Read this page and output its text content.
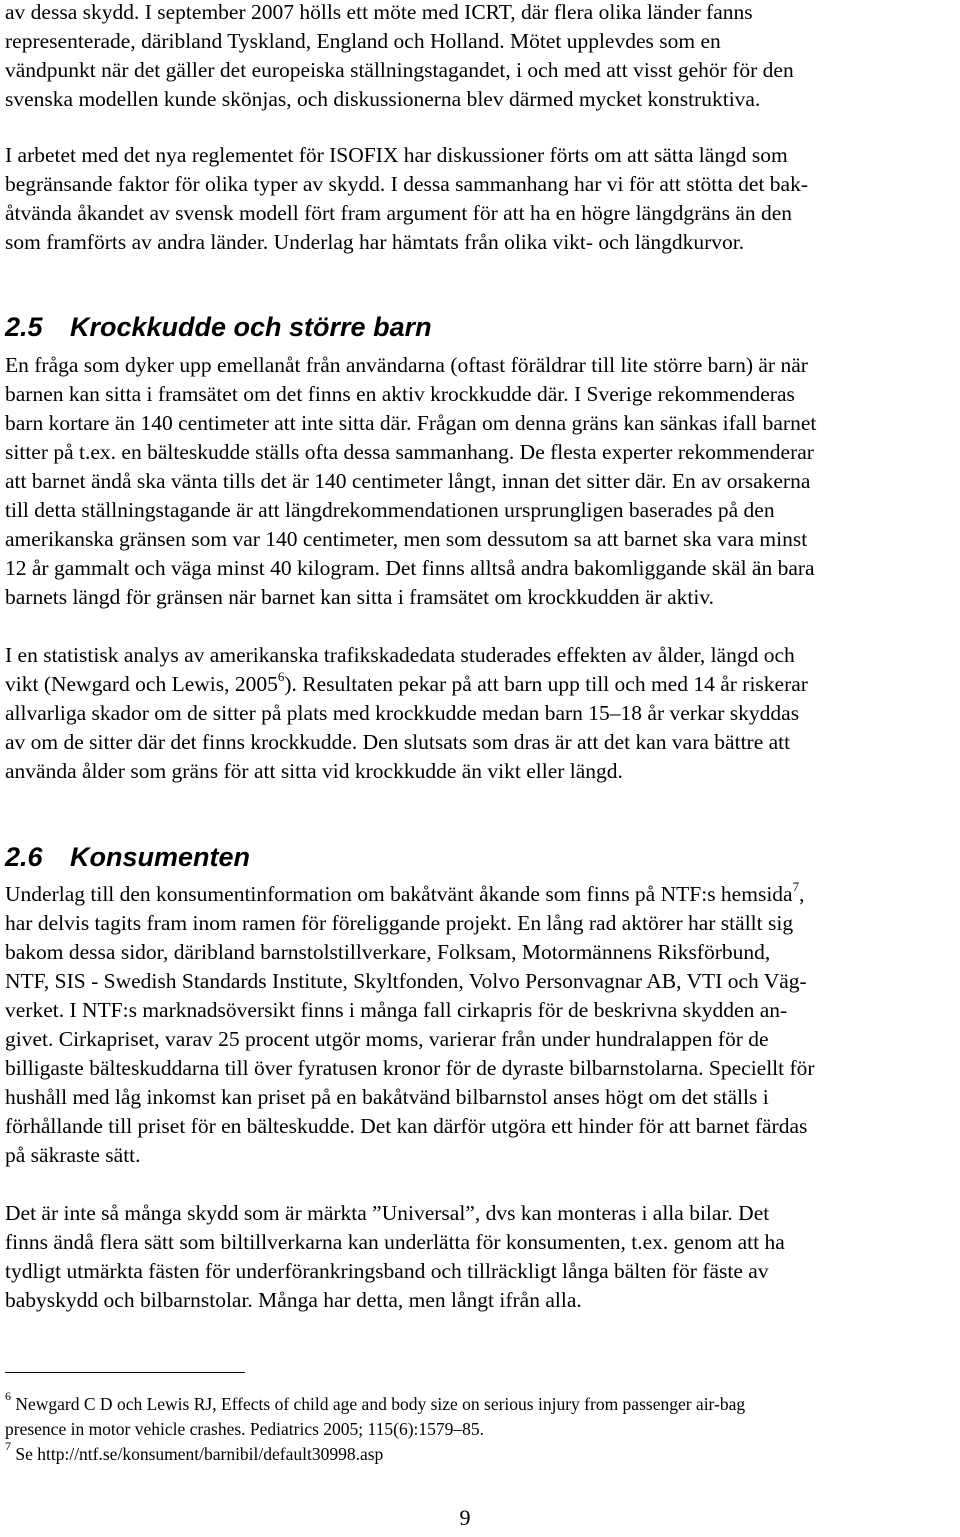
av dessa skydd. I september 2007 hölls ett möte med ICRT, där flera olika länder fanns
representerade, däribland Tyskland, England och Holland. Mötet upplevdes som en
vändpunkt när det gäller det europeiska ställningstagandet, i och med att visst gehör för den
svenska modellen kunde skönjas, och diskussionerna blev därmed mycket konstruktiva.
I arbetet med det nya reglementet för ISOFIX har diskussioner förts om att sätta längd som
begränsande faktor för olika typer av skydd. I dessa sammanhang har vi för att stötta det bak-
åtvända åkandet av svensk modell fört fram argument för att ha en högre längdgräns än den
som framförts av andra länder. Underlag har hämtats från olika vikt- och längdkurvor.
2.5 Krockkudde och större barn
En fråga som dyker upp emellanåt från användarna (oftast föräldrar till lite större barn) är när
barnen kan sitta i framsätet om det finns en aktiv krockkudde där. I Sverige rekommenderas
barn kortare än 140 centimeter att inte sitta där. Frågan om denna gräns kan sänkas ifall barnet
sitter på t.ex. en bälteskudde ställs ofta dessa sammanhang. De flesta experter rekommenderar
att barnet ändå ska vänta tills det är 140 centimeter långt, innan det sitter där. En av orsakerna
till detta ställningstagande är att längdrekommendationen ursprungligen baserades på den
amerikanska gränsen som var 140 centimeter, men som dessutom sa att barnet ska vara minst
12 år gammalt och väga minst 40 kilogram. Det finns alltså andra bakomliggande skäl än bara
barnets längd för gränsen när barnet kan sitta i framsätet om krockkudden är aktiv.
I en statistisk analys av amerikanska trafikskadedata studerades effekten av ålder, längd och
vikt (Newgard och Lewis, 2005$^6$). Resultaten pekar på att barn upp till och med 14 år riskerar
allvarliga skador om de sitter på plats med krockkudde medan barn 15–18 år verkar skyddas
av om de sitter där det finns krockkudde. Den slutsats som dras är att det kan vara bättre att
använda ålder som gräns för att sitta vid krockkudde än vikt eller längd.
2.6 Konsumenten
Underlag till den konsumentinformation om bakåtvänt åkande som finns på NTF:s hemsida$^7$,
har delvis tagits fram inom ramen för föreliggande projekt. En lång rad aktörer har ställt sig
bakom dessa sidor, däribland barnstolstillverkare, Folksam, Motormännens Riksförbund,
NTF, SIS - Swedish Standards Institute, Skyltfonden, Volvo Personvagnar AB, VTI och Väg-
verket. I NTF:s marknadsöversikt finns i många fall cirkapris för de beskrivna skydden an-
givet. Cirkapriset, varav 25 procent utgör moms, varierar från under hundralappen för de
billigaste bälteskuddarna till över fyratusen kronor för de dyraste bilbarnstolarna. Speciellt för
hushåll med låg inkomst kan priset på en bakåtvänd bilbarnstol anses högt om det ställs i
förhållande till priset för en bälteskudde. Det kan därför utgöra ett hinder för att barnet färdas
på säkraste sätt.
Det är inte så många skydd som är märkta ”Universal”, dvs kan monteras i alla bilar. Det
finns ändå flera sätt som biltillverkarna kan underlätta för konsumenten, t.ex. genom att ha
tydligt utmärkta fästen för underförankringsband och tillräckligt långa bälten för fäste av
babyskydd och bilbarnstolar. Många har detta, men långt ifrån alla.
$^6$ Newgard C D och Lewis RJ, Effects of child age and body size on serious injury from passenger air-bag
presence in motor vehicle crashes. Pediatrics 2005; 115(6):1579–85.
$^7$ Se http://ntf.se/konsument/barnibil/default30998.asp
9
